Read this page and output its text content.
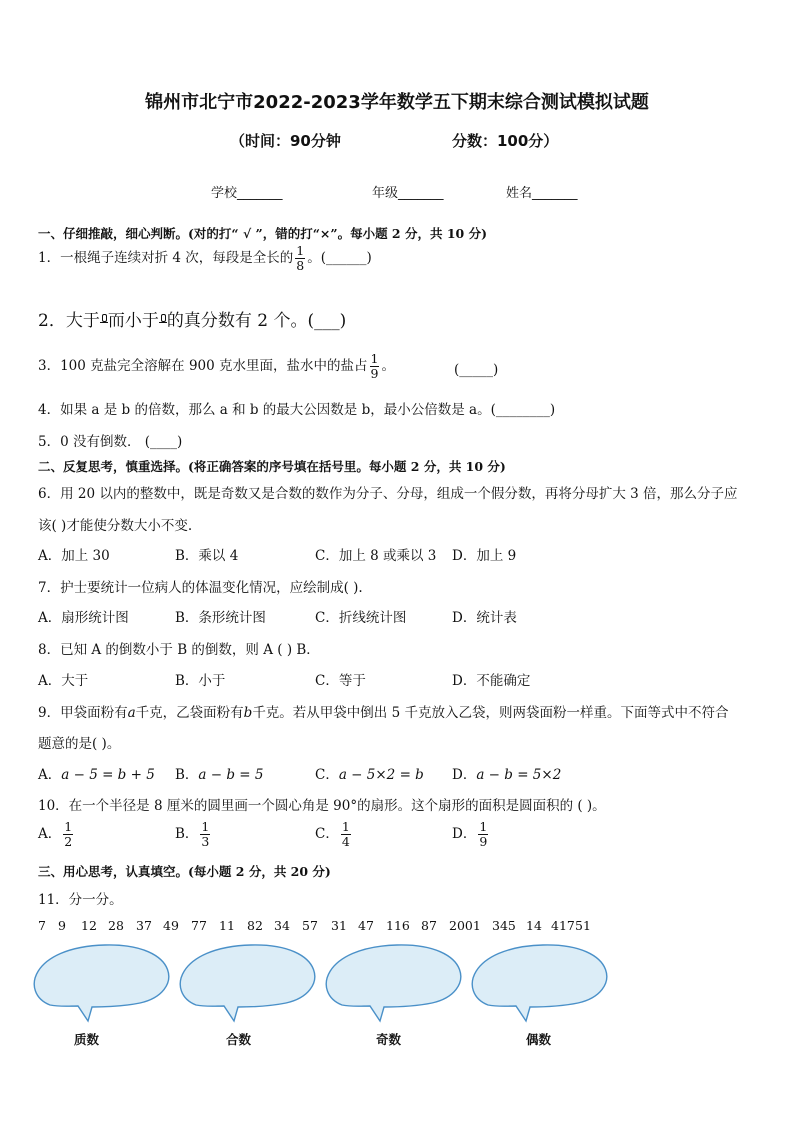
锦州市北宁市2022-2023学年数学五下期末综合测试模拟试题
（时间：90分钟	分数：100分）
学校_______	年级_______	姓名_______
一、仔细推敲，细心判断。(对的打“ √ ”，错的打“×”。每小题 2 分，共 10 分)
1．一根绳子连续对折 4 次，每段是全长的 $\frac{1}{8}$ 。(______)
2．大于 而小于 的真分数有 2 个。(___)
3．100 克盐完全溶解在 900 克水里面，盐水中的盐占 $\frac{1}{9}$ 。	(_____)
4．如果 a 是 b 的倍数，那么 a 和 b 的最大公因数是 b，最小公倍数是 a。(________)
5．0 没有倒数． (____)
二、反复思考，慎重选择。(将正确答案的序号填在括号里。每小题 2 分，共 10 分)
6．用 20 以内的整数中，既是奇数又是合数的数作为分子、分母，组成一个假分数，再将分母扩大 3 倍，那么分子应
该( )才能使分数大小不变.
A．加上 30	B．乘以 4	C．加上 8 或乘以 3 D．加上 9
7．护士要统计一位病人的体温变化情况，应绘制成( ).
A．扇形统计图	B．条形统计图	C．折线统计图	D．统计表
8．已知 A 的倒数小于 B 的倒数，则 A ( ) B．
A．大于	B．小于	C．等于	D．不能确定
9．甲袋面粉有a千克，乙袋面粉有b千克。若从甲袋中倒出 5 千克放入乙袋，则两袋面粉一样重。下面等式中不符合
题意的是( )。
A．a − 5 = b + 5 B．a − b = 5	C．a − 5×2 = b D．a − b = 5×2
10．在一个半径是 8 厘米的圆里画一个圆心角是 90°的扇形。这个扇形的面积是圆面积的 ( )。
A． $\frac{1}{2}$	B． $\frac{1}{3}$	C． $\frac{1}{4}$	D． $\frac{1}{9}$
三、用心思考，认真填空。(每小题 2 分，共 20 分)
11．分一分。
7 9 12 28 37 49 77 11 82 34 57 31 47 116 87 2001 345 14 417 51
质数	合数	奇数	偶数
